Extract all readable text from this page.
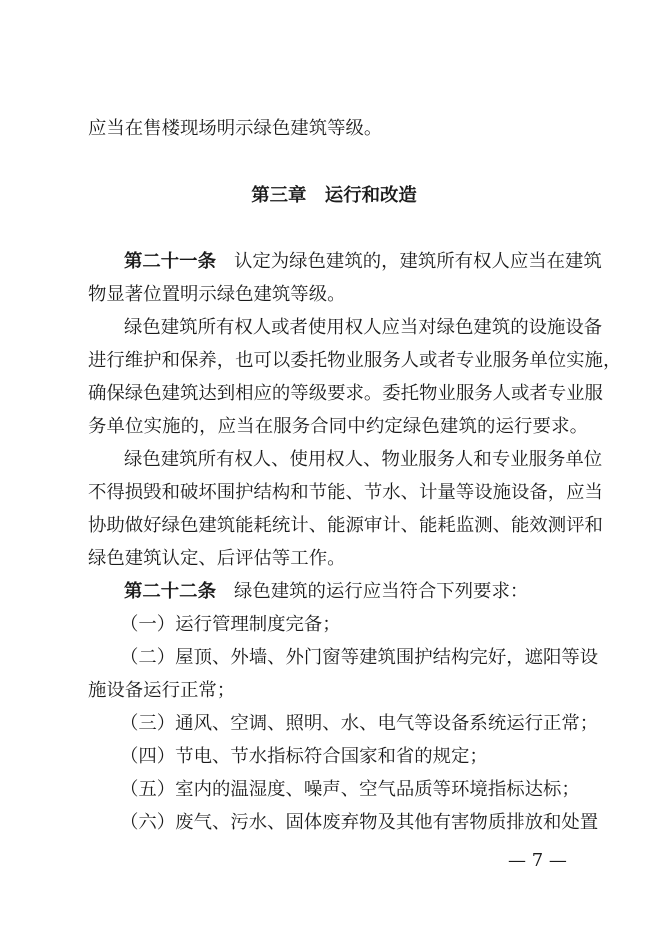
应当在售楼现场明示绿色建筑等级。
第三章　运行和改造
第二十一条 认定为绿色建筑的，建筑所有权人应当在建筑
物显著位置明示绿色建筑等级。
绿色建筑所有权人或者使用权人应当对绿色建筑的设施设备
进行维护和保养，也可以委托物业服务人或者专业服务单位实施，
确保绿色建筑达到相应的等级要求。委托物业服务人或者专业服
务单位实施的，应当在服务合同中约定绿色建筑的运行要求。
绿色建筑所有权人、使用权人、物业服务人和专业服务单位
不得损毁和破坏围护结构和节能、节水、计量等设施设备，应当
协助做好绿色建筑能耗统计、能源审计、能耗监测、能效测评和
绿色建筑认定、后评估等工作。
第二十二条 绿色建筑的运行应当符合下列要求：
（一）运行管理制度完备；
（二）屋顶、外墙、外门窗等建筑围护结构完好，遮阳等设
施设备运行正常；
（三）通风、空调、照明、水、电气等设备系统运行正常；
（四）节电、节水指标符合国家和省的规定；
（五）室内的温湿度、噪声、空气品质等环境指标达标；
（六）废气、污水、固体废弃物及其他有害物质排放和处置
— 7 —
